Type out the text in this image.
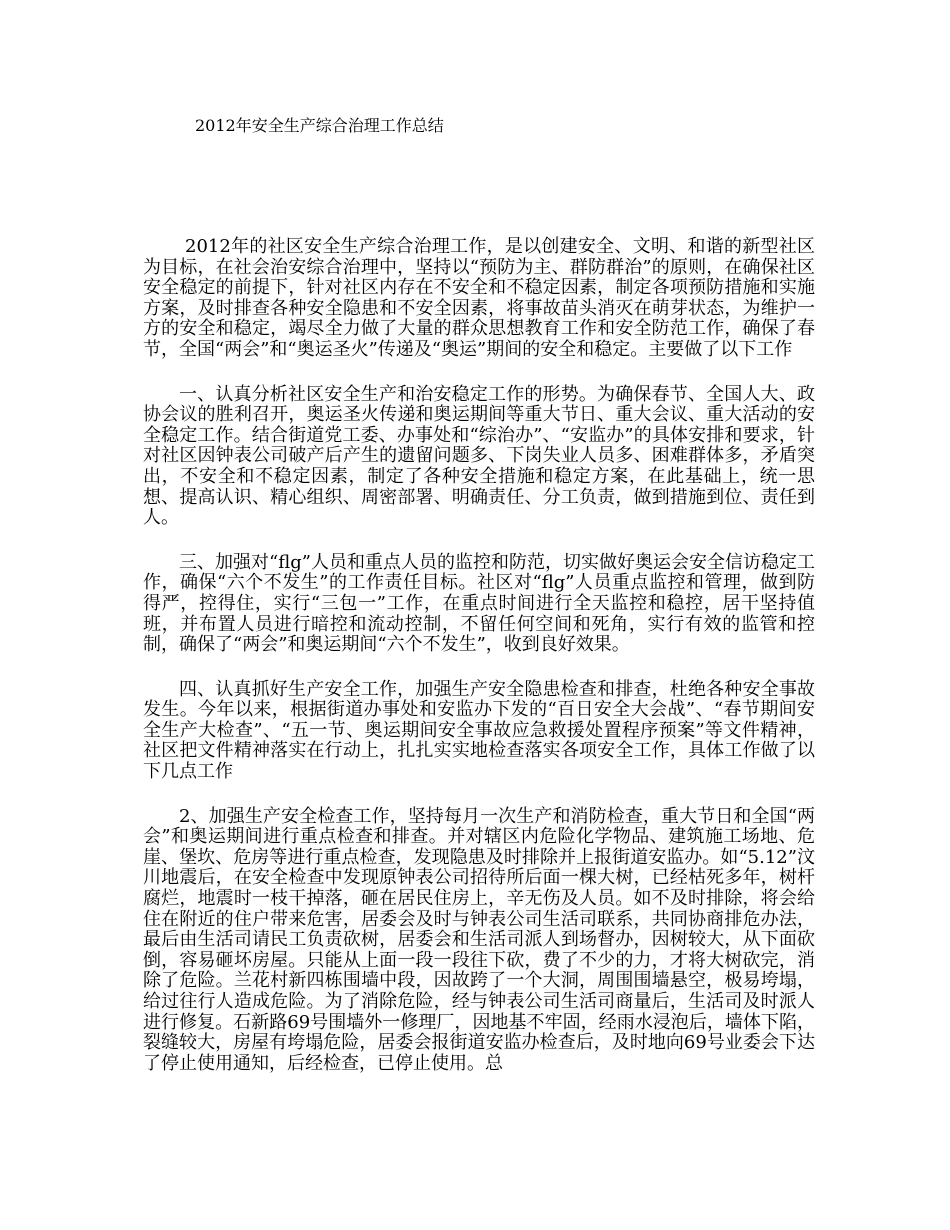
2012年安全生产综合治理工作总结

2012年的社区安全生产综合治理工作，是以创建安全、文明、和谐的新型社区为目标，在社会治安综合治理中，坚持以“预防为主、群防群治”的原则，在确保社区安全稳定的前提下，针对社区内存在不安全和不稳定因素，制定各项预防措施和实施方案，及时排查各种安全隐患和不安全因素，将事故苗头消灭在萌芽状态，为维护一方的安全和稳定，竭尽全力做了大量的群众思想教育工作和安全防范工作，确保了春节，全国“两会”和“奥运圣火”传递及“奥运”期间的安全和稳定。主要做了以下工作

一、认真分析社区安全生产和治安稳定工作的形势。为确保春节、全国人大、政协会议的胜利召开，奥运圣火传递和奥运期间等重大节日、重大会议、重大活动的安全稳定工作。结合街道党工委、办事处和“综治办”、“安监办”的具体安排和要求，针对社区因钟表公司破产后产生的遗留问题多、下岗失业人员多、困难群体多，矛盾突出，不安全和不稳定因素，制定了各种安全措施和稳定方案，在此基础上，统一思想、提高认识、精心组织、周密部署、明确责任、分工负责，做到措施到位、责任到人。

三、加强对“flg”人员和重点人员的监控和防范，切实做好奥运会安全信访稳定工作，确保“六个不发生”的工作责任目标。社区对“flg”人员重点监控和管理，做到防得严，控得住，实行“三包一”工作，在重点时间进行全天监控和稳控，居干坚持值班，并布置人员进行暗控和流动控制，不留任何空间和死角，实行有效的监管和控制，确保了“两会”和奥运期间“六个不发生”，收到良好效果。

四、认真抓好生产安全工作，加强生产安全隐患检查和排查，杜绝各种安全事故发生。今年以来，根据街道办事处和安监办下发的“百日安全大会战”、“春节期间安全生产大检查”、“五一节、奥运期间安全事故应急救援处置程序预案”等文件精神，社区把文件精神落实在行动上，扎扎实实地检查落实各项安全工作，具体工作做了以下几点工作

2、加强生产安全检查工作，坚持每月一次生产和消防检查，重大节日和全国“两会”和奥运期间进行重点检查和排查。并对辖区内危险化学物品、建筑施工场地、危崖、堡坎、危房等进行重点检查，发现隐患及时排除并上报街道安监办。如“5.12”汶川地震后，在安全检查中发现原钟表公司招待所后面一棵大树，已经枯死多年，树杆腐烂，地震时一枝干掉落，砸在居民住房上，辛无伤及人员。如不及时排除，将会给住在附近的住户带来危害，居委会及时与钟表公司生活司联系，共同协商排危办法，最后由生活司请民工负责砍树，居委会和生活司派人到场督办，因树较大，从下面砍倒，容易砸坏房屋。只能从上面一段一段往下砍，费了不少的力，才将大树砍完，消除了危险。兰花村新四栋围墙中段，因故跨了一个大洞，周围围墙悬空，极易垮塌，给过往行人造成危险。为了消除危险，经与钟表公司生活司商量后，生活司及时派人进行修复。石新路69号围墙外一修理厂，因地基不牢固，经雨水浸泡后，墙体下陷，裂缝较大，房屋有垮塌危险，居委会报街道安监办检查后，及时地向69号业委会下达了停止使用通知，后经检查，已停止使用。总
